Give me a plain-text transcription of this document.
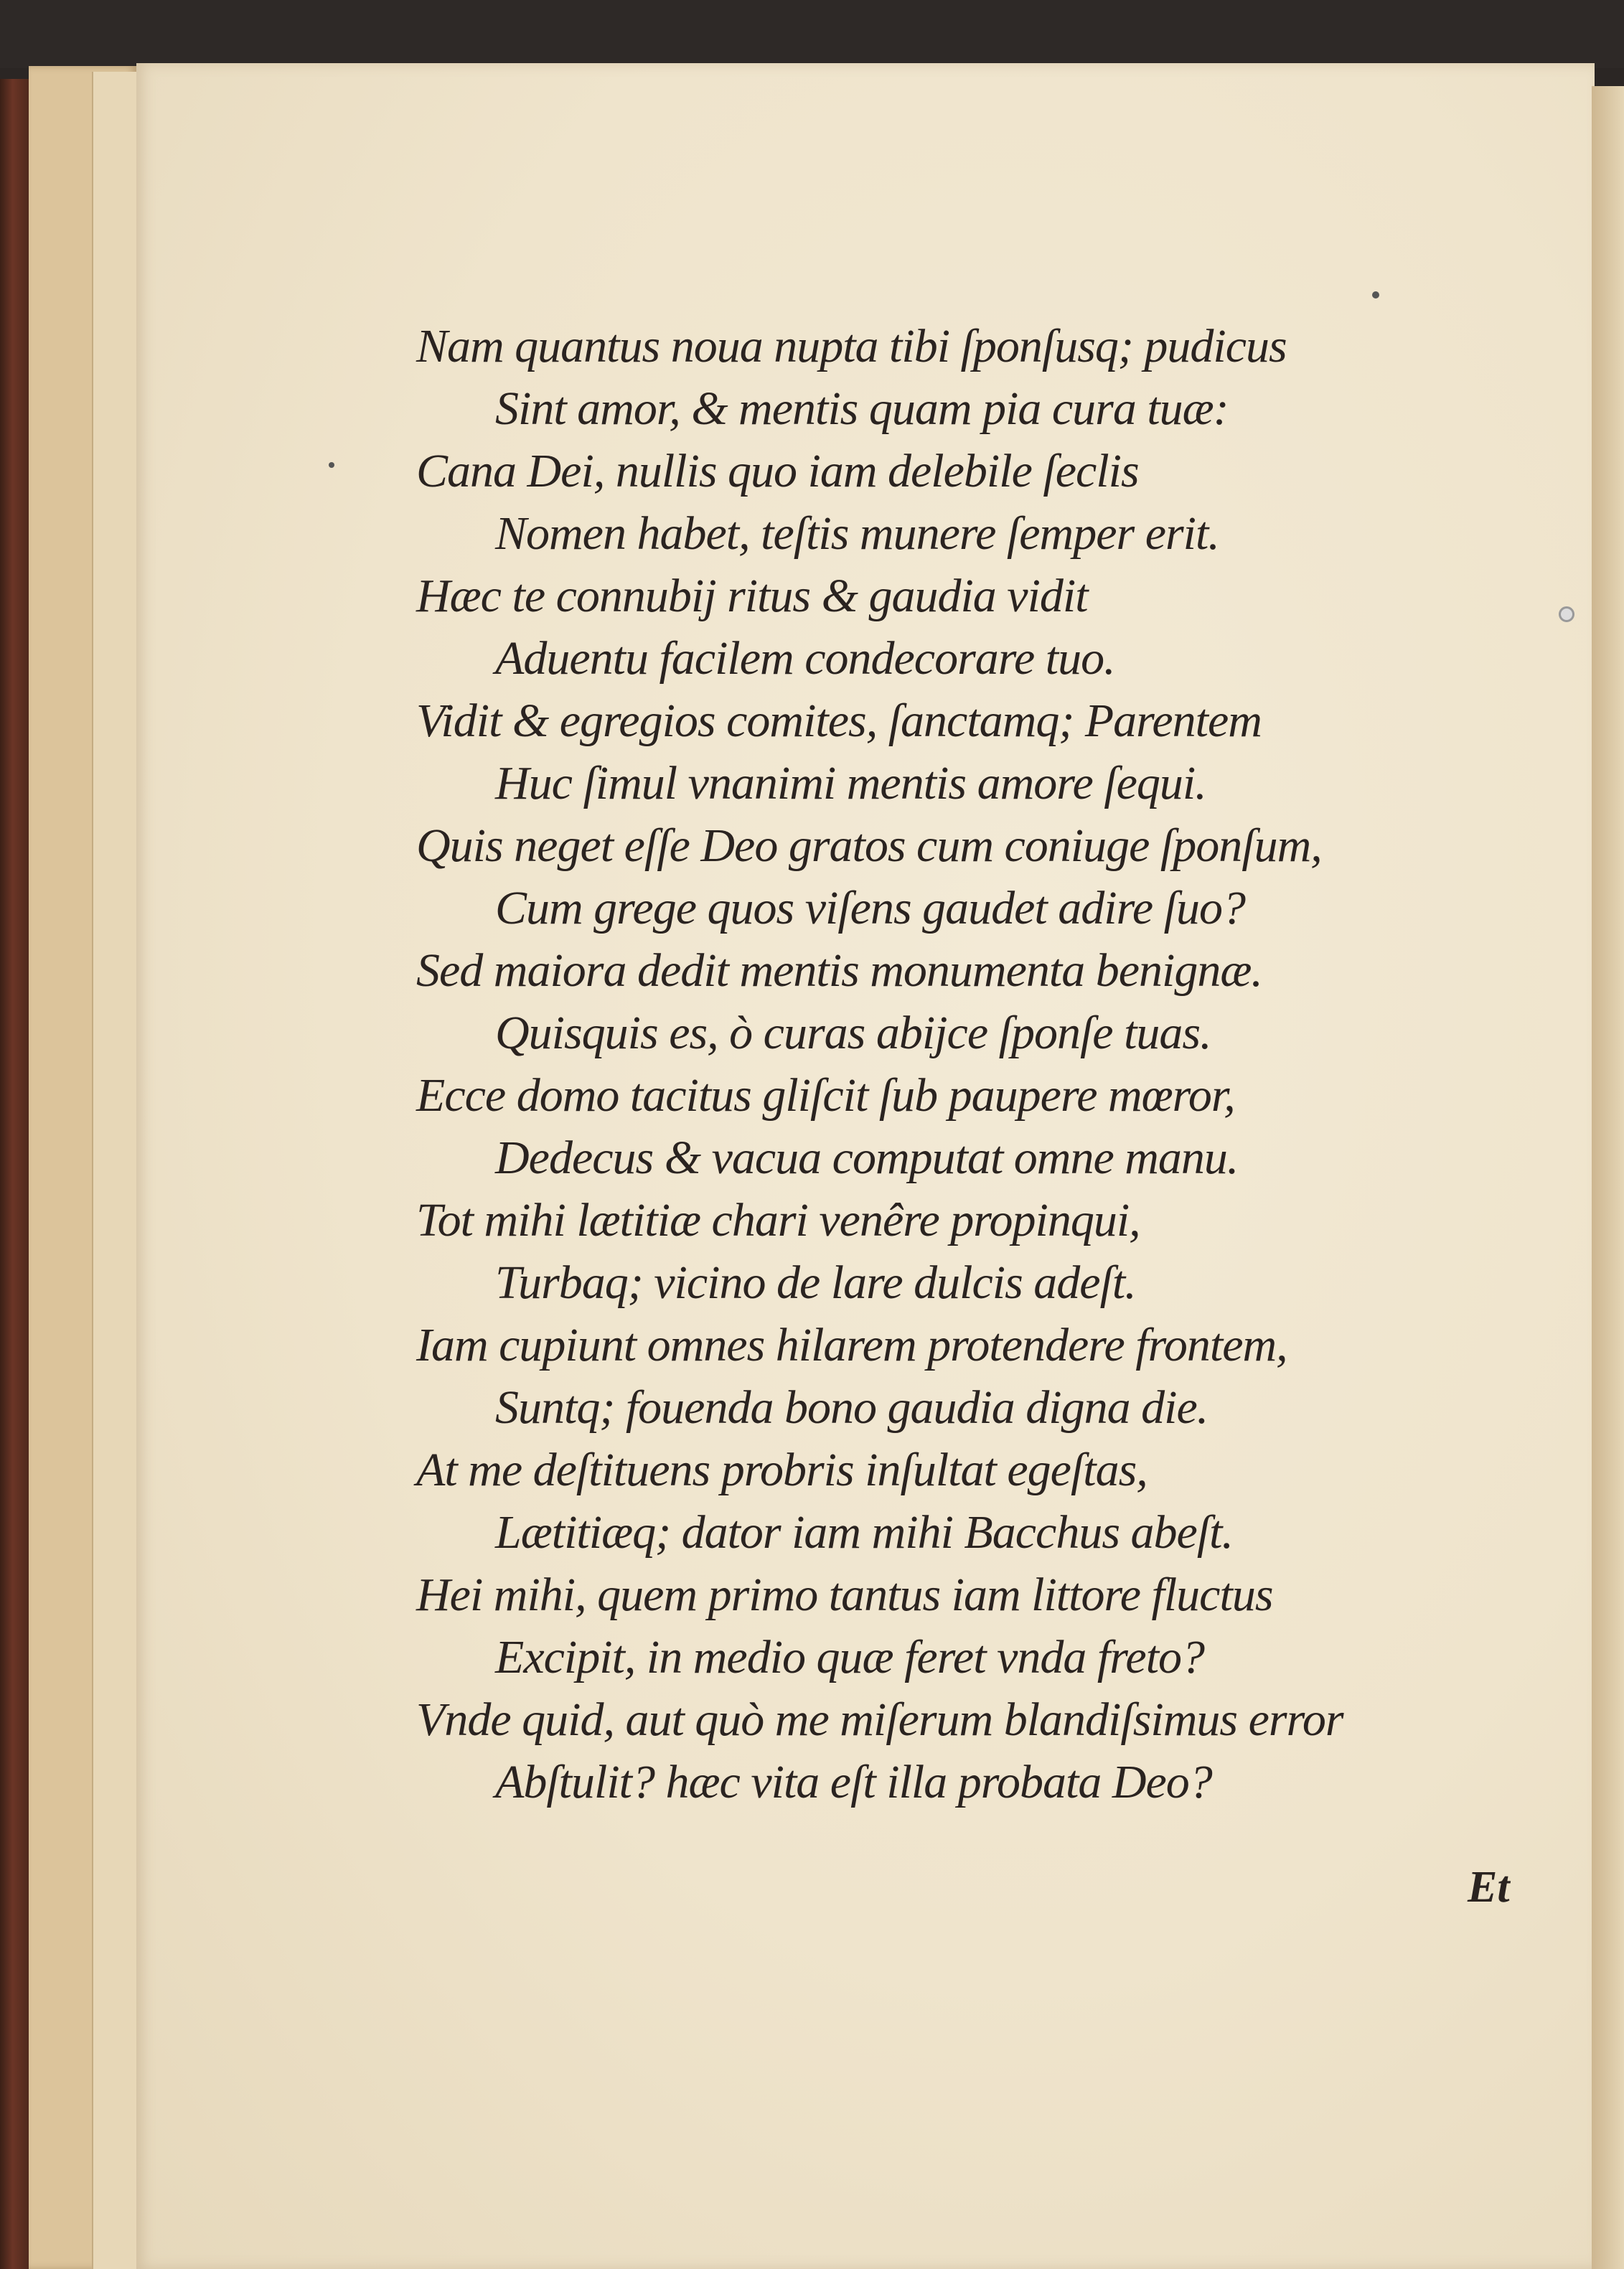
Nam quantus noua nupta tibi ſponſusq; pudicus
Sint amor, & mentis quam pia cura tuæ:
Cana Dei, nullis quo iam delebile ſeclis
Nomen habet, teſtis munere ſemper erit.
Hæc te connubij ritus & gaudia vidit
Aduentu facilem condecorare tuo.
Vidit & egregios comites, ſanctamq; Parentem
Huc ſimul vnanimi mentis amore ſequi.
Quis neget eſſe Deo gratos cum coniuge ſponſum,
Cum grege quos viſens gaudet adire ſuo?
Sed maiora dedit mentis monumenta benignæ.
Quisquis es, ò curas abijce ſponſe tuas.
Ecce domo tacitus gliſcit ſub paupere mœror,
Dedecus & vacua computat omne manu.
Tot mihi lætitiæ chari venêre propinqui,
Turbaq; vicino de lare dulcis adeſt.
Iam cupiunt omnes hilarem protendere frontem,
Suntq; fouenda bono gaudia digna die.
At me deſtituens probris inſultat egeſtas,
Lætitiæq; dator iam mihi Bacchus abeſt.
Hei mihi, quem primo tantus iam littore fluctus
Excipit, in medio quæ feret vnda freto?
Vnde quid, aut quò me miſerum blandiſsimus error
Abſtulit? hæc vita eſt illa probata Deo?
Et
